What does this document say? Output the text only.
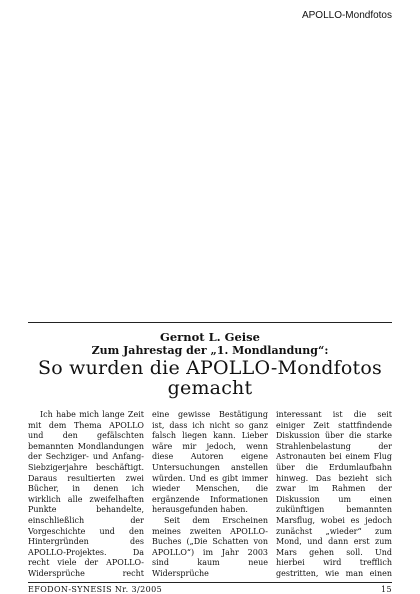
APOLLO-Mondfotos
Gernot L. Geise
Zum Jahrestag der „1. Mondlandung“:
So wurden die APOLLO-Mondfotos
gemacht

Ich habe mich lange Zeit mit dem Thema APOLLO und den gefälschten bemannten Mondlandungen der Sechziger- und Anfang-Siebzigerjahre beschäftigt. Daraus resultierten zwei Bücher, in denen ich wirklich alle zweifelhaften Punkte behandelte, einschließlich der Vorgeschichte und den Hintergründen des APOLLO-Projektes. Da recht viele der APOLLO-Widersprüche recht

eine gewisse Bestätigung ist, dass ich nicht so ganz falsch liegen kann. Lieber wäre mir jedoch, wenn diese Autoren eigene Untersuchungen anstellen würden. Und es gibt immer wieder Menschen, die ergänzende Informationen herausgefunden haben.

Seit dem Erscheinen meines zweiten APOLLO-Buches („Die Schatten von APOLLO“) im Jahr 2003 sind kaum neue Widersprüche

interessant ist die seit einiger Zeit stattfindende Diskussion über die starke Strahlenbelastung der Astronauten bei einem Flug über die Erdumlaufbahn hinweg. Das bezieht sich zwar im Rahmen der Diskussion um einen zukünftigen bemannten Marsflug, wobei es jedoch zunächst „wieder“ zum Mond, und dann erst zum Mars gehen soll. Und hierbei wird trefflich gestritten, wie man einen

EFODON-SYNESIS Nr. 3/2005	15
